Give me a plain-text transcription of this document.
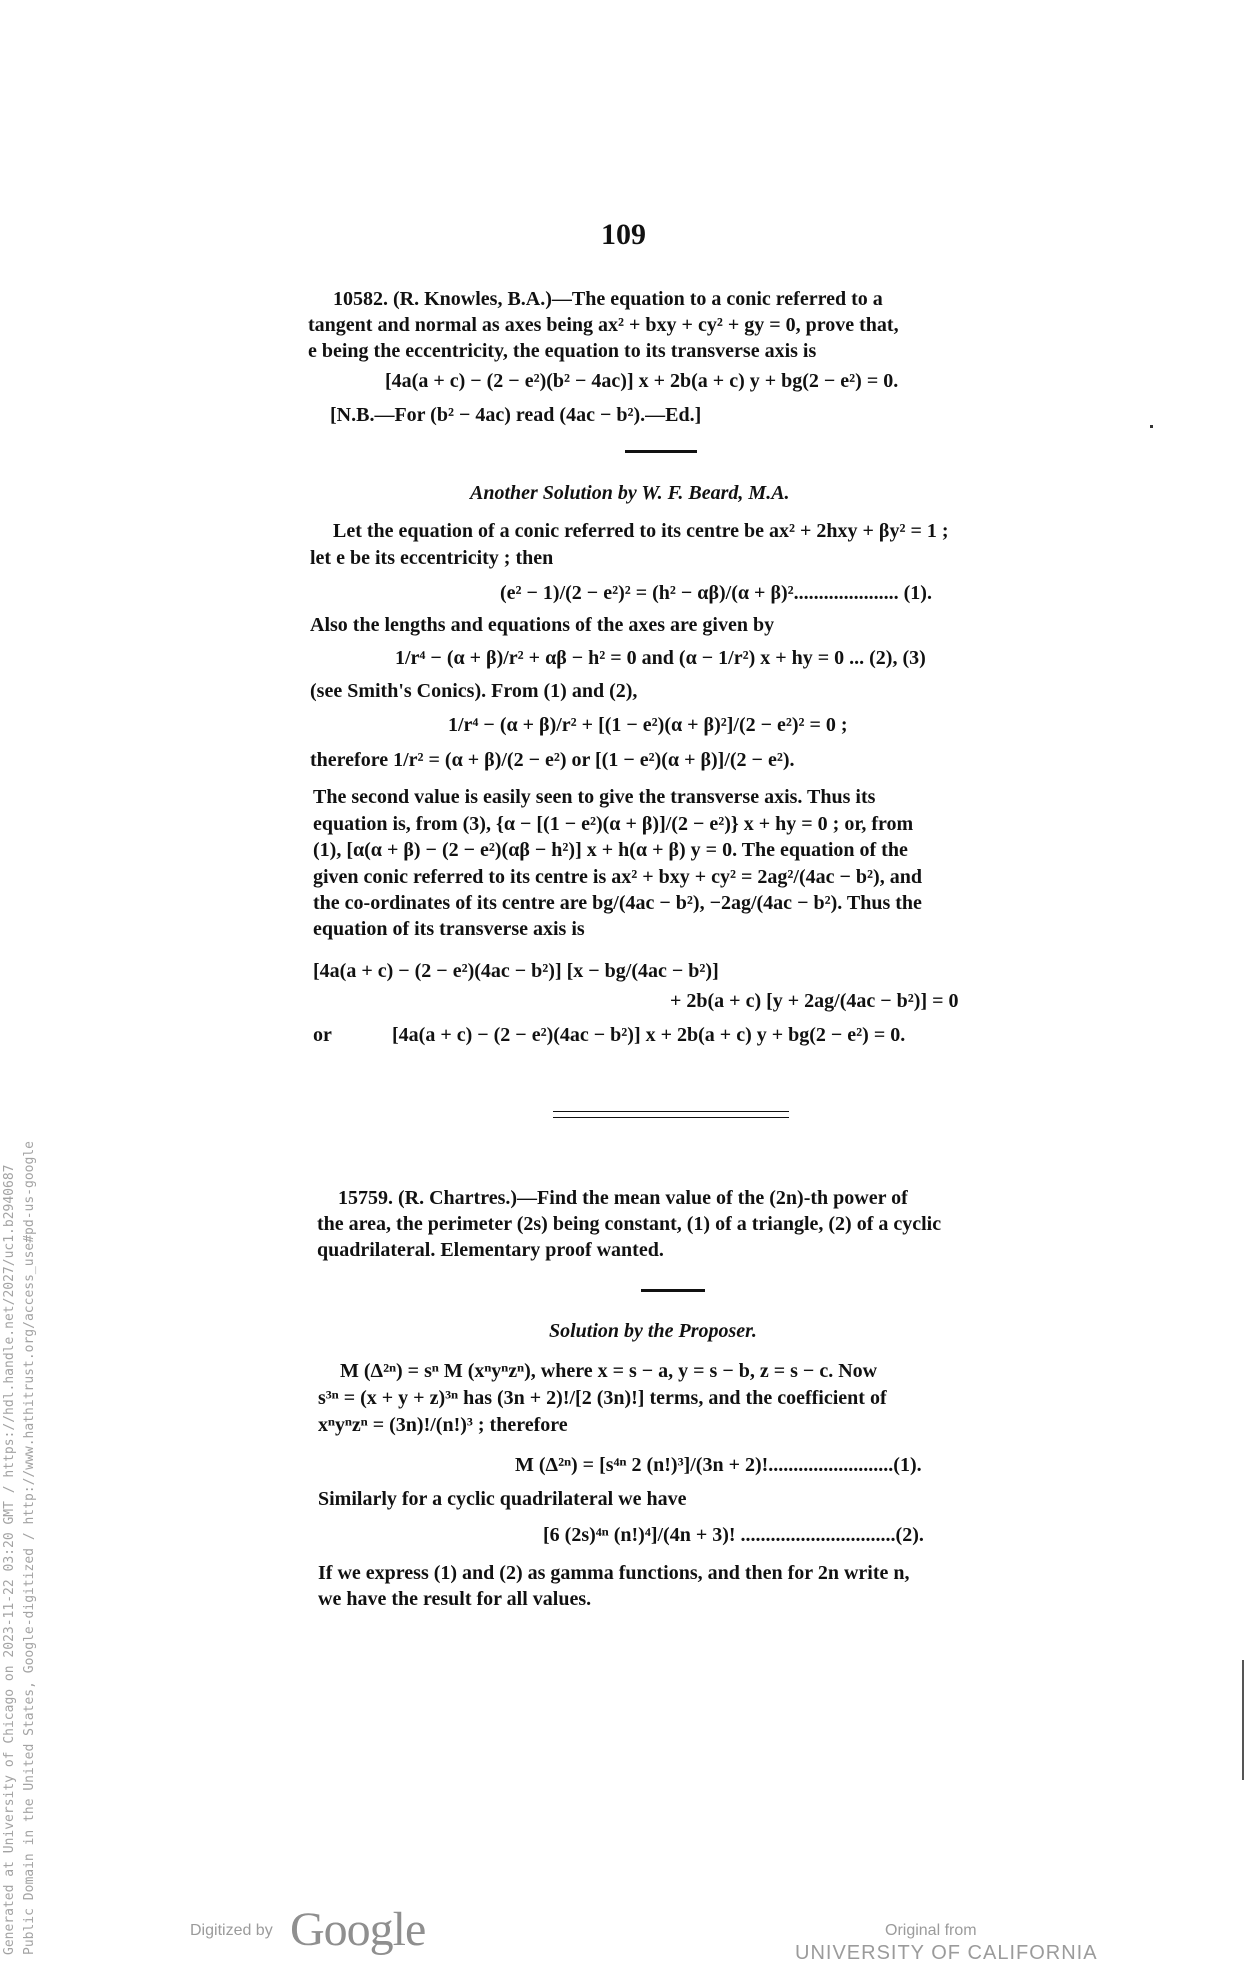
109
10582. (R. Knowles, B.A.)—The equation to a conic referred to a
tangent and normal as axes being ax² + bxy + cy² + gy = 0, prove that,
e being the eccentricity, the equation to its transverse axis is
[4a(a + c) − (2 − e²)(b² − 4ac)] x + 2b(a + c) y + bg(2 − e²) = 0.
[N.B.—For (b² − 4ac) read (4ac − b²).—Ed.]
Another Solution by W. F. Beard, M.A.
Let the equation of a conic referred to its centre be ax² + 2hxy + βy² = 1 ;
let e be its eccentricity ; then
(e² − 1)/(2 − e²)² = (h² − αβ)/(α + β)²..................... (1).
Also the lengths and equations of the axes are given by
1/r⁴ − (α + β)/r² + αβ − h² = 0 and (α − 1/r²) x + hy = 0 ... (2), (3)
(see Smith's Conics). From (1) and (2),
1/r⁴ − (α + β)/r² + [(1 − e²)(α + β)²]/(2 − e²)² = 0 ;
therefore 1/r² = (α + β)/(2 − e²) or [(1 − e²)(α + β)]/(2 − e²).
The second value is easily seen to give the transverse axis. Thus its
equation is, from (3), {α − [(1 − e²)(α + β)]/(2 − e²)} x + hy = 0 ; or, from
(1), [α(α + β) − (2 − e²)(αβ − h²)] x + h(α + β) y = 0. The equation of the
given conic referred to its centre is ax² + bxy + cy² = 2ag²/(4ac − b²), and
the co-ordinates of its centre are bg/(4ac − b²), −2ag/(4ac − b²). Thus the
equation of its transverse axis is
[4a(a + c) − (2 − e²)(4ac − b²)] [x − bg/(4ac − b²)]
+ 2b(a + c) [y + 2ag/(4ac − b²)] = 0
or	[4a(a + c) − (2 − e²)(4ac − b²)] x + 2b(a + c) y + bg(2 − e²) = 0.
15759. (R. Chartres.)—Find the mean value of the (2n)-th power of
the area, the perimeter (2s) being constant, (1) of a triangle, (2) of a cyclic
quadrilateral. Elementary proof wanted.
Solution by the Proposer.
M (Δ²ⁿ) = sⁿ M (xⁿyⁿzⁿ), where x = s − a, y = s − b, z = s − c. Now
s³ⁿ = (x + y + z)³ⁿ has (3n + 2)!/[2 (3n)!] terms, and the coefficient of
xⁿyⁿzⁿ = (3n)!/(n!)³ ; therefore
M (Δ²ⁿ) = [s⁴ⁿ 2 (n!)³]/(3n + 2)!.........................(1).
Similarly for a cyclic quadrilateral we have
[6 (2s)⁴ⁿ (n!)⁴]/(4n + 3)! ...............................(2).
If we express (1) and (2) as gamma functions, and then for 2n write n,
we have the result for all values.
Generated at University of Chicago on 2023-11-22 03:20 GMT / https://hdl.handle.net/2027/uc1.b2940687 Public Domain in the United States, Google-digitized / http://www.hathitrust.org/access_use#pd-us-google	Digitized by Google	Original from
UNIVERSITY OF CALIFORNIA
